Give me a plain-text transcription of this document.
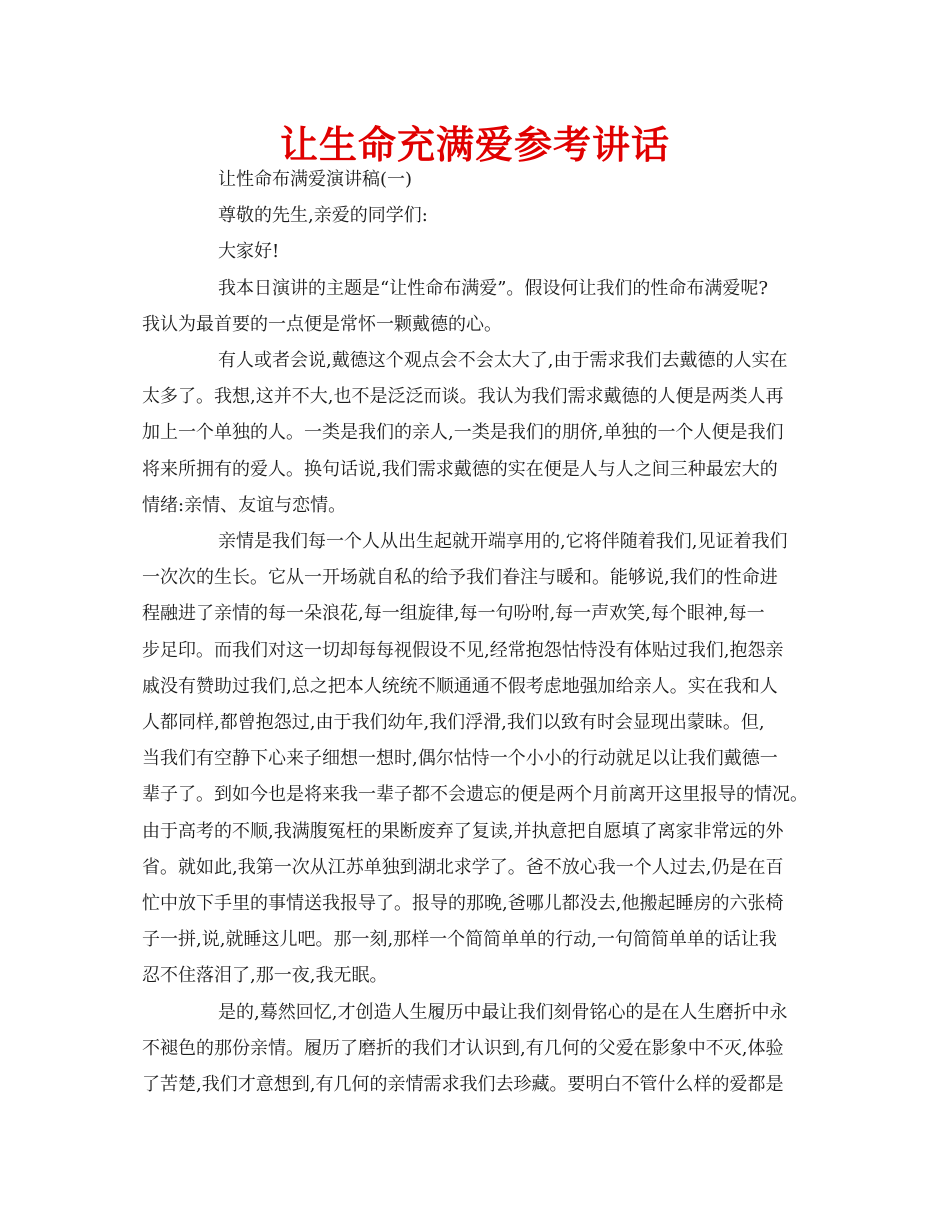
让生命充满爱参考讲话

让性命布满爱演讲稿(一)

尊敬的先生,亲爱的同学们:

大家好!

我本日演讲的主题是“让性命布满爱”。假设何让我们的性命布满爱呢?

我认为最首要的一点便是常怀一颗戴德的心。

有人或者会说,戴德这个观点会不会太大了,由于需求我们去戴德的人实在

太多了。我想,这并不大,也不是泛泛而谈。我认为我们需求戴德的人便是两类人再

加上一个单独的人。一类是我们的亲人,一类是我们的朋侪,单独的一个人便是我们

将来所拥有的爱人。换句话说,我们需求戴德的实在便是人与人之间三种最宏大的

情绪:亲情、友谊与恋情。

亲情是我们每一个人从出生起就开端享用的,它将伴随着我们,见证着我们

一次次的生长。它从一开场就自私的给予我们眷注与暖和。能够说,我们的性命进

程融进了亲情的每一朵浪花,每一组旋律,每一句吩咐,每一声欢笑,每个眼神,每一

步足印。而我们对这一切却每每视假设不见,经常抱怨怙恃没有体贴过我们,抱怨亲

戚没有赞助过我们,总之把本人统统不顺通通不假考虑地强加给亲人。实在我和人

人都同样,都曾抱怨过,由于我们幼年,我们浮滑,我们以致有时会显现出蒙昧。但,

当我们有空静下心来子细想一想时,偶尔怙恃一个小小的行动就足以让我们戴德一

辈子了。到如今也是将来我一辈子都不会遗忘的便是两个月前离开这里报导的情况。

由于高考的不顺,我满腹冤枉的果断废弃了复读,并执意把自愿填了离家非常远的外

省。就如此,我第一次从江苏单独到湖北求学了。爸不放心我一个人过去,仍是在百

忙中放下手里的事情送我报导了。报导的那晚,爸哪儿都没去,他搬起睡房的六张椅

子一拼,说,就睡这儿吧。那一刻,那样一个简简单单的行动,一句简简单单的话让我

忍不住落泪了,那一夜,我无眠。

是的,蓦然回忆,才创造人生履历中最让我们刻骨铭心的是在人生磨折中永

不褪色的那份亲情。履历了磨折的我们才认识到,有几何的父爱在影象中不灭,体验

了苦楚,我们才意想到,有几何的亲情需求我们去珍藏。要明白不管什么样的爱都是
